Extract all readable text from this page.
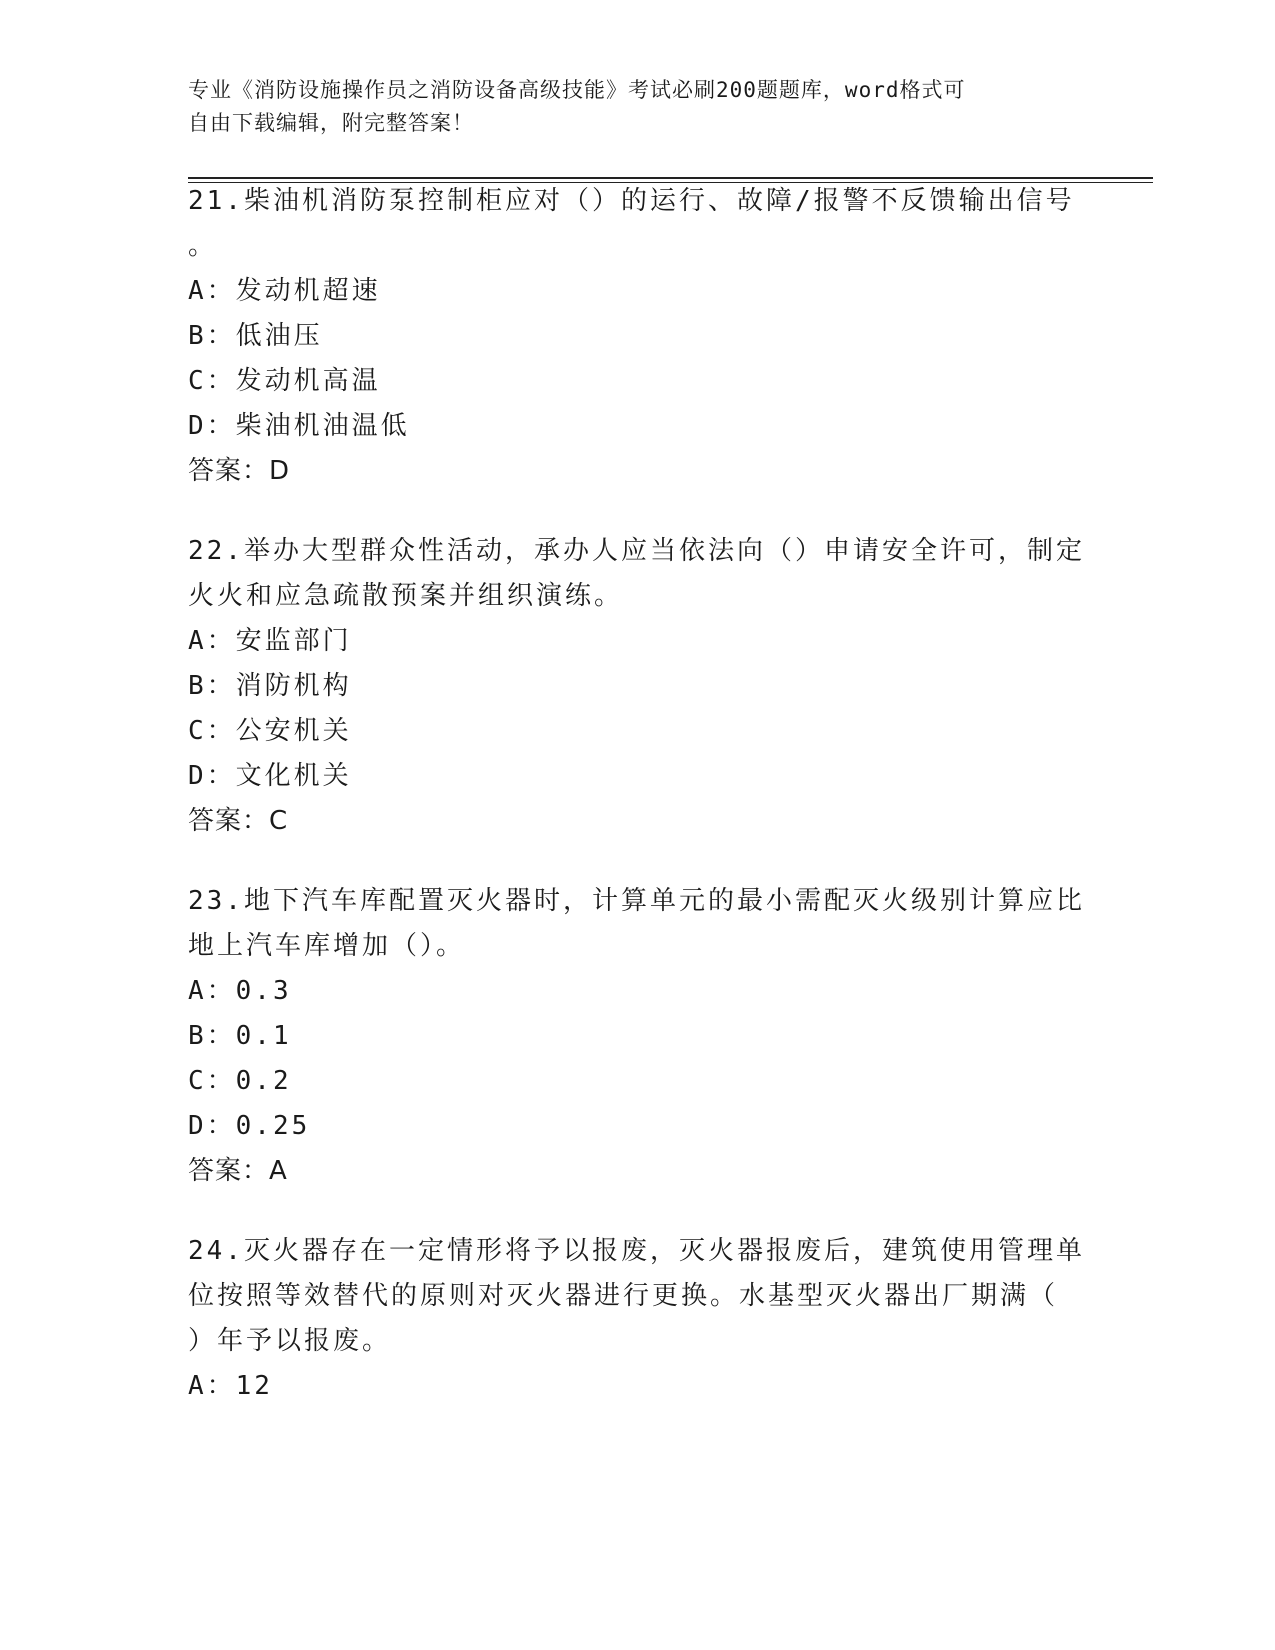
专业《消防设施操作员之消防设备高级技能》考试必刷200题题库，word格式可
自由下载编辑，附完整答案！

21.柴油机消防泵控制柜应对（）的运行、故障/报警不反馈输出信号

。

A：发动机超速

B：低油压

C：发动机高温

D：柴油机油温低

答案：D

22.举办大型群众性活动，承办人应当依法向（）申请安全许可，制定

火火和应急疏散预案并组织演练。

A：安监部门

B：消防机构

C：公安机关

D：文化机关

答案：C

23.地下汽车库配置灭火器时，计算单元的最小需配灭火级别计算应比

地上汽车库增加（）。

A：0.3

B：0.1

C：0.2

D：0.25

答案：A

24.灭火器存在一定情形将予以报废，灭火器报废后，建筑使用管理单

位按照等效替代的原则对灭火器进行更换。水基型灭火器出厂期满（

）年予以报废。

A：12
